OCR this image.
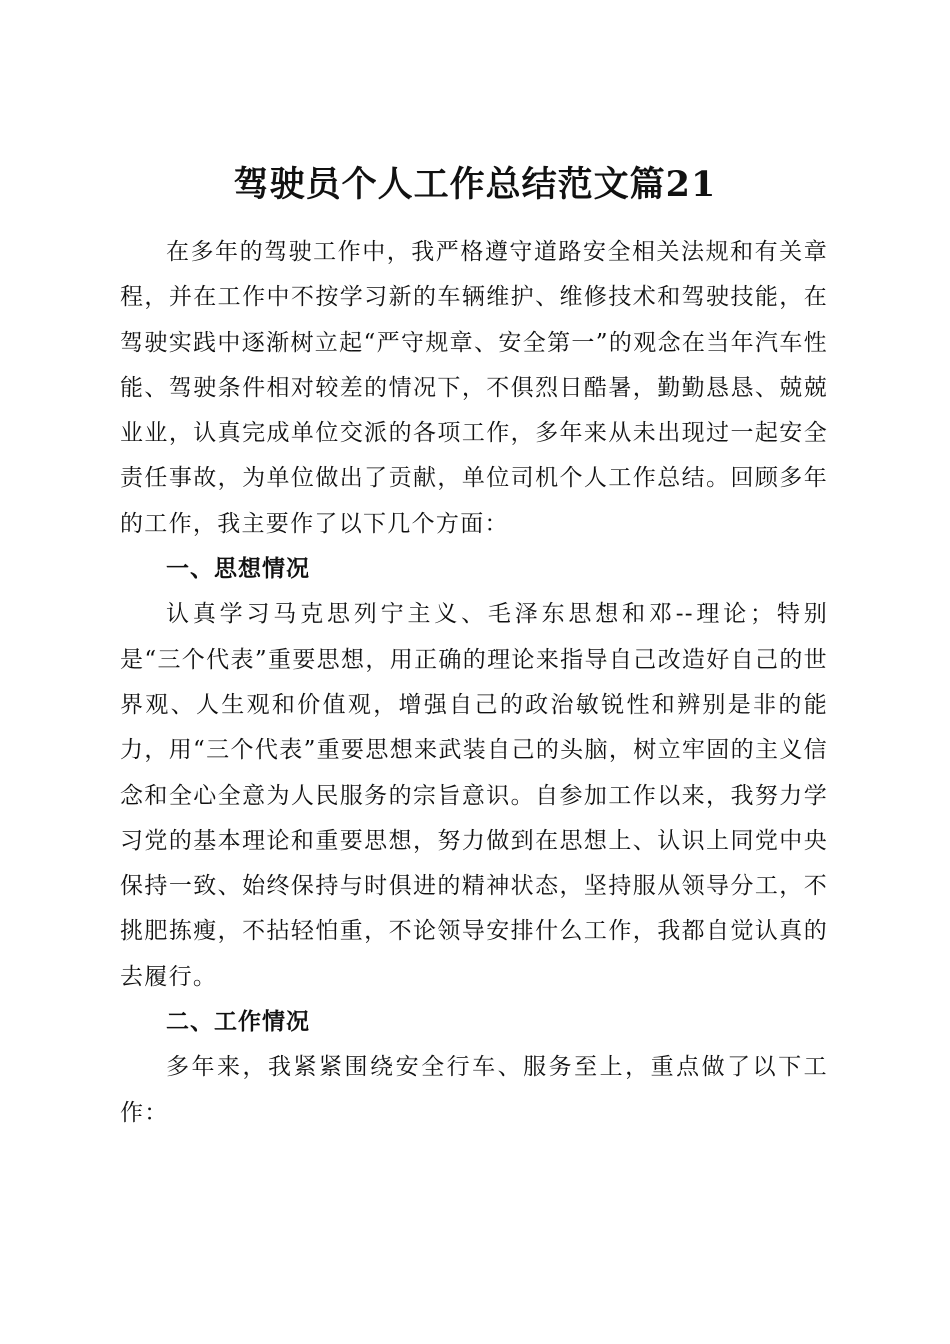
驾驶员个人工作总结范文篇21

在多年的驾驶工作中，我严格遵守道路安全相关法规和有关章程，并在工作中不按学习新的车辆维护、维修技术和驾驶技能，在驾驶实践中逐渐树立起“严守规章、安全第一”的观念在当年汽车性能、驾驶条件相对较差的情况下，不俱烈日酷暑，勤勤恳恳、兢兢业业，认真完成单位交派的各项工作，多年来从未出现过一起安全责任事故，为单位做出了贡献，单位司机个人工作总结。回顾多年的工作，我主要作了以下几个方面：

一、思想情况

认真学习马克思列宁主义、毛泽东思想和邓--理论；特别是“三个代表”重要思想，用正确的理论来指导自己改造好自己的世界观、人生观和价值观，增强自己的政治敏锐性和辨别是非的能力，用“三个代表”重要思想来武装自己的头脑，树立牢固的主义信念和全心全意为人民服务的宗旨意识。自参加工作以来，我努力学习党的基本理论和重要思想，努力做到在思想上、认识上同党中央保持一致、始终保持与时俱进的精神状态，坚持服从领导分工，不挑肥拣瘦，不拈轻怕重，不论领导安排什么工作，我都自觉认真的去履行。

二、工作情况

多年来，我紧紧围绕安全行车、服务至上，重点做了以下工作：
